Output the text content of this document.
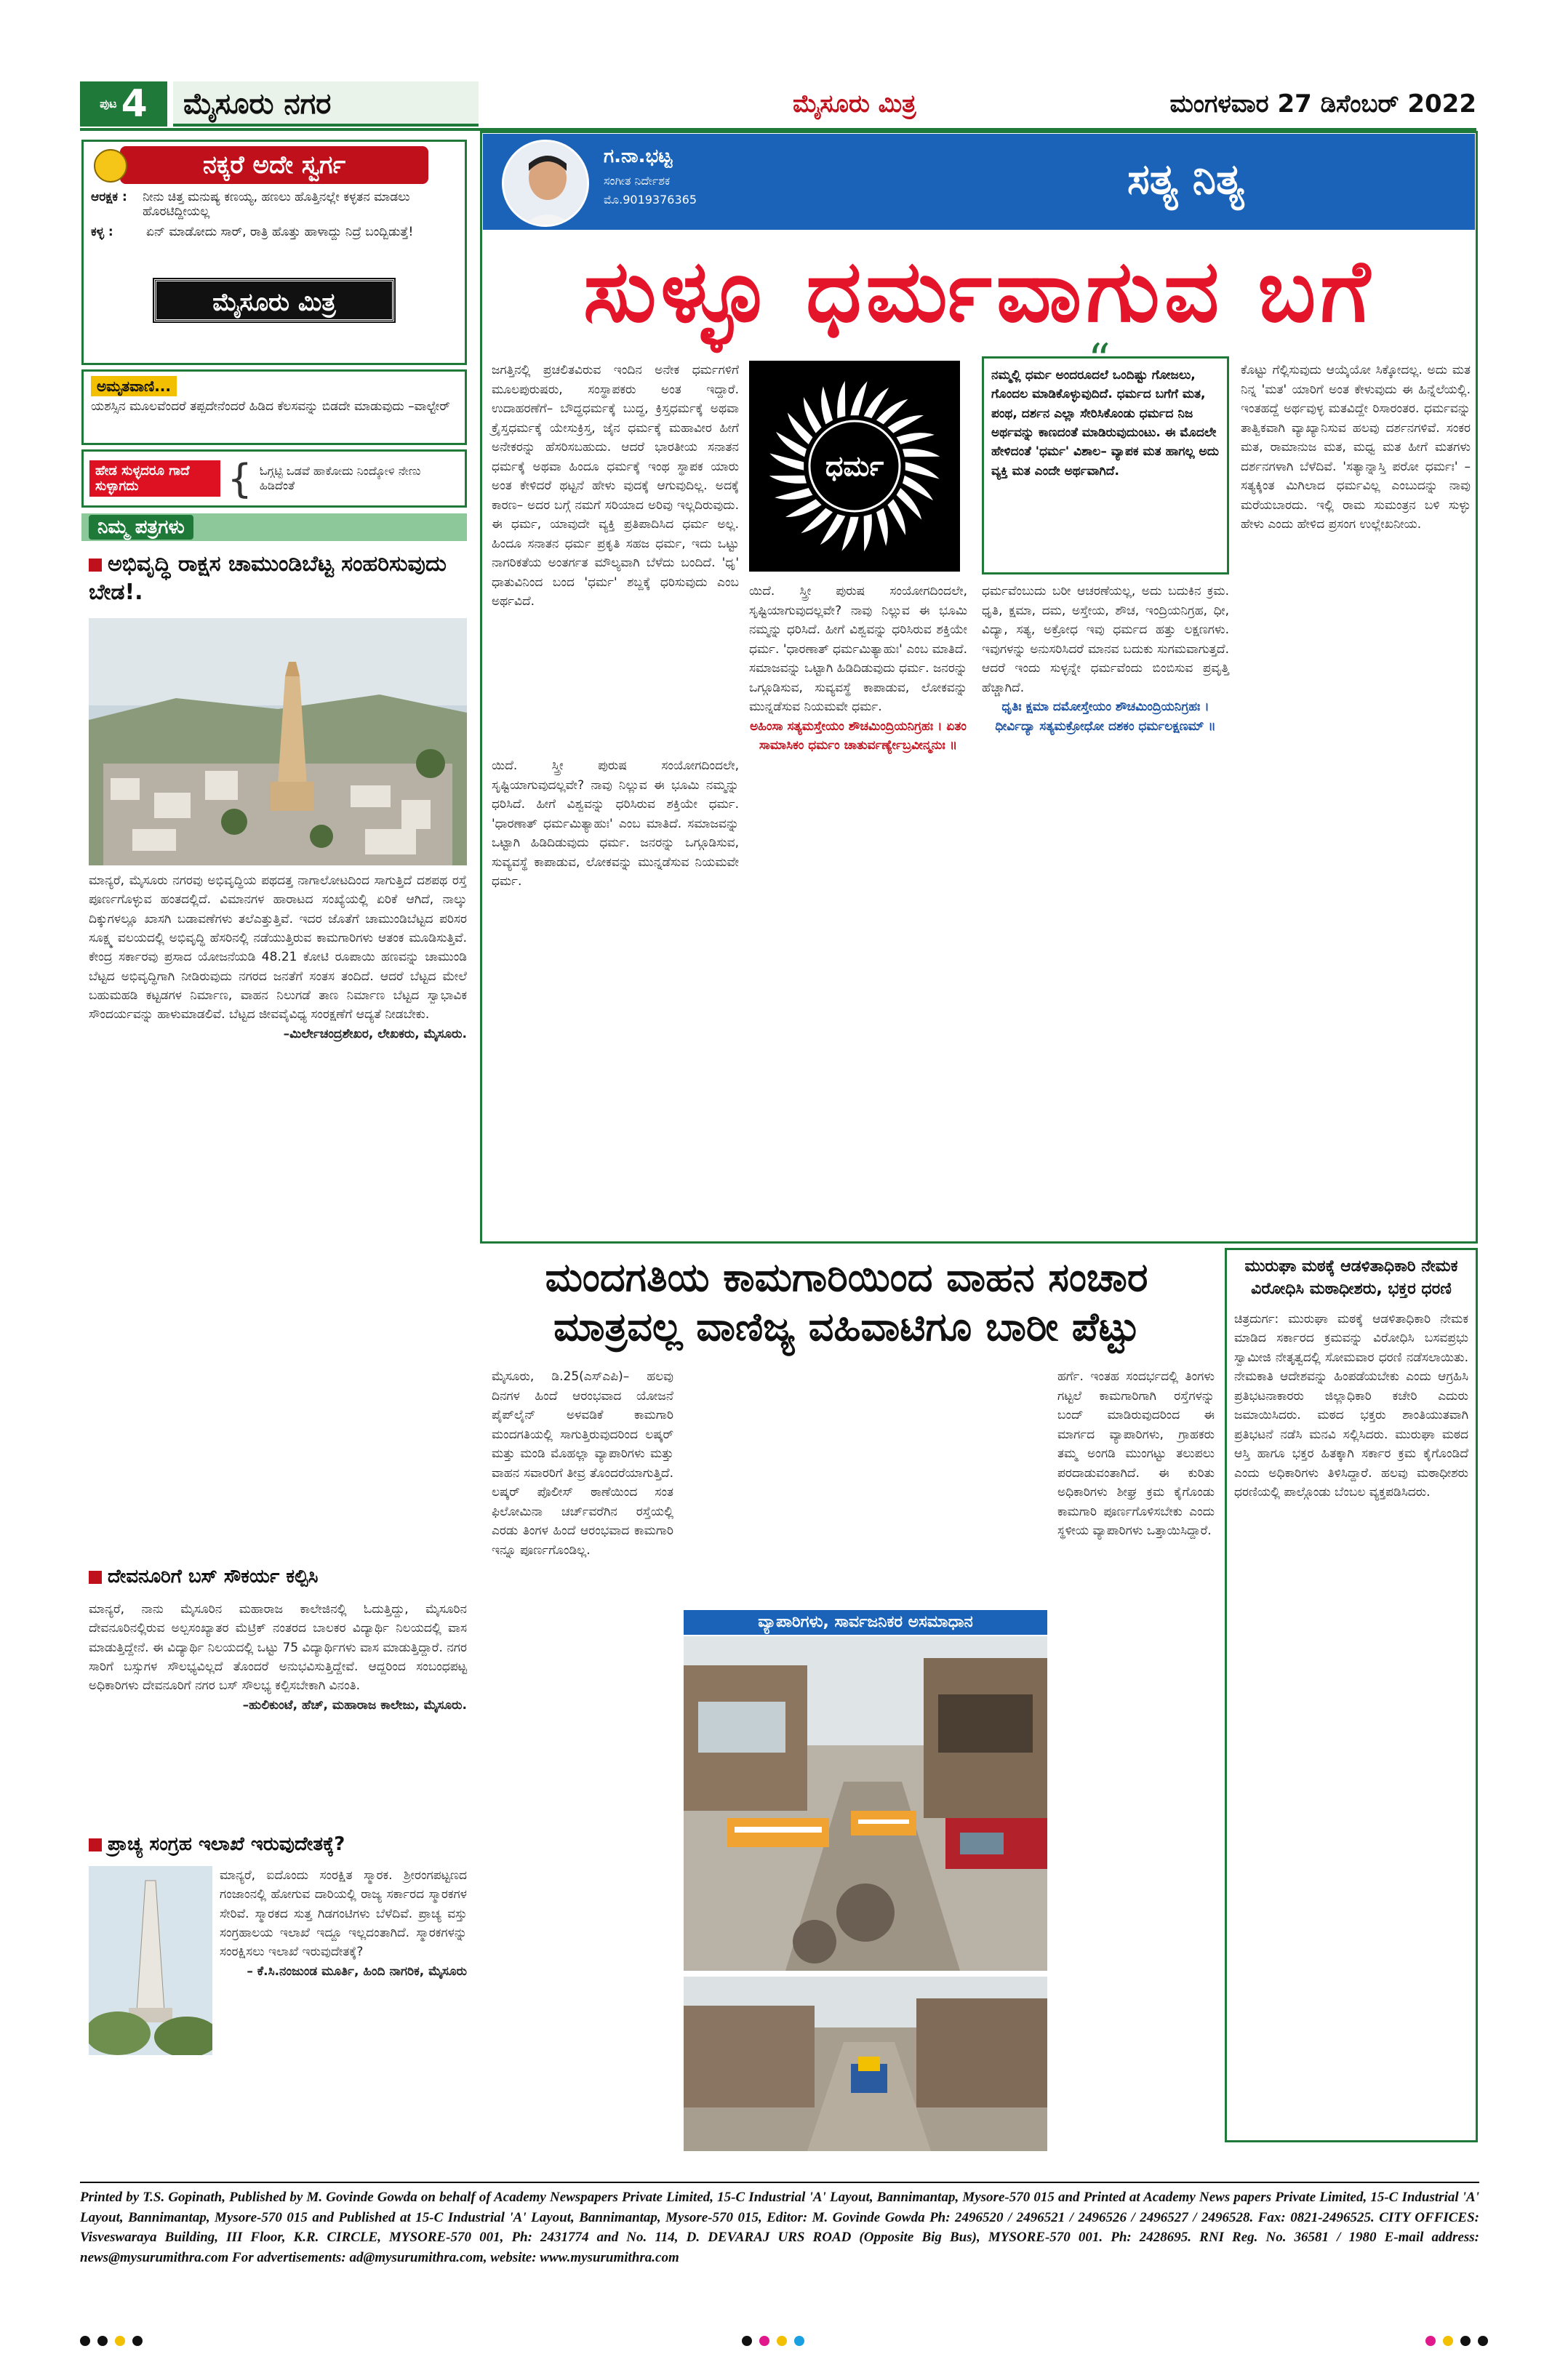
ಪುಟ 4	ಮೈಸೂರು ನಗರ	ಮೈಸೂರು ಮಿತ್ರ	ಮಂಗಳವಾರ 27 ಡಿಸೆಂಬರ್ 2022
ನಕ್ಕರೆ ಅದೇ ಸ್ವರ್ಗ
ಆರಕ್ಷಕ :	ನೀನು ಚಿತ್ತ ಮನುಷ್ಯ ಕಣಯ್ಯ, ಹಣಲು ಹೊತ್ತಿನಲ್ಲೇ ಕಳ್ಳತನ ಮಾಡಲು ಹೊರಟಿದ್ದೀಯಲ್ಲ
ಕಳ್ಳ :	ಏನ್ ಮಾಡೋದು ಸಾರ್, ರಾತ್ರಿ ಹೊತ್ತು ಹಾಳಾದ್ದು ನಿದ್ರೆ ಬಂದ್ಬಿಡುತ್ತೆ!
ಮೈಸೂರು ಮಿತ್ರ
ಅಮೃತವಾಣಿ...
ಯಶಸ್ಸಿನ ಮೂಲವೆಂದರೆ ತಪ್ಪದೇನೆಂದರೆ ಹಿಡಿದ ಕೆಲಸವನ್ನು ಬಿಡದೇ ಮಾಡುವುದು –ವಾಲ್ಟೇರ್
ಹೇಡ ಸುಳ್ಳದರೂ ಗಾದೆ ಸುಳ್ಳಾಗದು	{ ಓಗ್ಗಟ್ಟಿ ಒಡವೆ ಹಾಕೋದು ನಿಂದ್ಕೋಳಿ ನೇಣು ಹಿಡಿದೆಂತೆ
ನಿಮ್ಮ ಪತ್ರಗಳು
ಅಭಿವೃದ್ಧಿ ರಾಕ್ಷಸ ಚಾಮುಂಡಿಬೆಟ್ಟ ಸಂಹರಿಸುವುದು ಬೇಡ!.
ಮಾನ್ಯರೆ, ಮೈಸೂರು ನಗರವು ಅಭಿವೃದ್ಧಿಯ ಪಥದತ್ತ ನಾಗಾಲೋಟದಿಂದ ಸಾಗುತ್ತಿದೆ ದಶಪಥ ರಸ್ತೆ ಪೂರ್ಣಗೊಳ್ಳುವ ಹಂತದಲ್ಲಿದೆ. ವಿಮಾನಗಳ ಹಾರಾಟದ ಸಂಖ್ಯೆಯಲ್ಲಿ ಏರಿಕೆ ಆಗಿದೆ, ನಾಲ್ಕು ದಿಕ್ಕುಗಳಲ್ಲೂ ಖಾಸಗಿ ಬಡಾವಣೆಗಳು ತಲೆಎತ್ತುತ್ತಿವೆ. ಇದರ ಜೊತೆಗೆ ಚಾಮುಂಡಿಬೆಟ್ಟದ ಪರಿಸರ ಸೂಕ್ಷ್ಮ ವಲಯದಲ್ಲಿ ಅಭಿವೃದ್ಧಿ ಹೆಸರಿನಲ್ಲಿ ನಡೆಯುತ್ತಿರುವ ಕಾಮಗಾರಿಗಳು ಆತಂಕ ಮೂಡಿಸುತ್ತಿವೆ. ಕೇಂದ್ರ ಸರ್ಕಾರವು ಪ್ರಸಾದ ಯೋಜನೆಯಡಿ 48.21 ಕೋಟಿ ರೂಪಾಯಿ ಹಣವನ್ನು ಚಾಮುಂಡಿ ಬೆಟ್ಟದ ಅಭಿವೃದ್ಧಿಗಾಗಿ ನೀಡಿರುವುದು ನಗರದ ಜನತೆಗೆ ಸಂತಸ ತಂದಿದೆ. ಆದರೆ ಬೆಟ್ಟದ ಮೇಲೆ ಬಹುಮಹಡಿ ಕಟ್ಟಡಗಳ ನಿರ್ಮಾಣ, ವಾಹನ ನಿಲುಗಡೆ ತಾಣ ನಿರ್ಮಾಣ ಬೆಟ್ಟದ ಸ್ವಾಭಾವಿಕ ಸೌಂದರ್ಯವನ್ನು ಹಾಳುಮಾಡಲಿವೆ. ಬೆಟ್ಟದ ಜೀವವೈವಿಧ್ಯ ಸಂರಕ್ಷಣೆಗೆ ಆದ್ಯತೆ ನೀಡಬೇಕು.
–ಮಿರ್ಲೇಚಂದ್ರಶೇಖರ, ಲೇಖಕರು, ಮೈಸೂರು.
ದೇವನೂರಿಗೆ ಬಸ್ ಸೌಕರ್ಯ ಕಲ್ಪಿಸಿ
ಮಾನ್ಯರೆ, ನಾನು ಮೈಸೂರಿನ ಮಹಾರಾಜ ಕಾಲೇಜಿನಲ್ಲಿ ಓದುತ್ತಿದ್ದು, ಮೈಸೂರಿನ ದೇವನೂರಿನಲ್ಲಿರುವ ಅಲ್ಪಸಂಖ್ಯಾತರ ಮೆಟ್ರಿಕ್ ನಂತರದ ಬಾಲಕರ ವಿದ್ಯಾರ್ಥಿ ನಿಲಯದಲ್ಲಿ ವಾಸ ಮಾಡುತ್ತಿದ್ದೇನೆ. ಈ ವಿದ್ಯಾರ್ಥಿ ನಿಲಯದಲ್ಲಿ ಒಟ್ಟು 75 ವಿದ್ಯಾರ್ಥಿಗಳು ವಾಸ ಮಾಡುತ್ತಿದ್ದಾರೆ. ನಗರ ಸಾರಿಗೆ ಬಸ್ಸುಗಳ ಸೌಲಭ್ಯವಿಲ್ಲದೆ ತೊಂದರೆ ಅನುಭವಿಸುತ್ತಿದ್ದೇವೆ. ಆದ್ದರಿಂದ ಸಂಬಂಧಪಟ್ಟ ಅಧಿಕಾರಿಗಳು ದೇವನೂರಿಗೆ ನಗರ ಬಸ್ ಸೌಲಭ್ಯ ಕಲ್ಪಿಸಬೇಕಾಗಿ ವಿನಂತಿ.
–ಹುಲಿಕುಂಟೆ, ಹೆಚ್, ಮಹಾರಾಜ ಕಾಲೇಜು, ಮೈಸೂರು.
ಪ್ರಾಚ್ಯ ಸಂಗ್ರಹ ಇಲಾಖೆ ಇರುವುದೇತಕ್ಕೆ?
ಮಾನ್ಯರೆ, ಐದೊಂದು ಸಂರಕ್ಷಿತ ಸ್ಮಾರಕ. ಶ್ರೀರಂಗಪಟ್ಟಣದ ಗಂಜಾಂನಲ್ಲಿ ಹೋಗುವ ದಾರಿಯಲ್ಲಿ ರಾಜ್ಯ ಸರ್ಕಾರದ ಸ್ಮಾರಕಗಳ ಸೇರಿವೆ. ಸ್ಮಾರಕದ ಸುತ್ತ ಗಿಡಗಂಟಿಗಳು ಬೆಳೆದಿವೆ. ಪ್ರಾಚ್ಯ ವಸ್ತು ಸಂಗ್ರಹಾಲಯ ಇಲಾಖೆ ಇದ್ದೂ ಇಲ್ಲದಂತಾಗಿದೆ. ಸ್ಮಾರಕಗಳನ್ನು ಸಂರಕ್ಷಿಸಲು ಇಲಾಖೆ ಇರುವುದೇತಕ್ಕೆ?
– ಕೆ.ಸಿ.ನಂಜುಂಡ ಮೂರ್ತಿ, ಹಿಂದಿ ನಾಗರಿಕ, ಮೈಸೂರು
ಗ.ನಾ.ಭಟ್ಟ
ಸಂಗೀತ ನಿರ್ದೇಶಕ
ಮೊ.9019376365	ಸತ್ಯ ನಿತ್ಯ
ಸುಳ್ಳೂ ಧರ್ಮವಾಗುವ ಬಗೆ
ಜಗತ್ತಿನಲ್ಲಿ ಪ್ರಚಲಿತವಿರುವ ಇಂದಿನ ಅನೇಕ ಧರ್ಮಗಳಿಗೆ ಮೂಲಪುರುಷರು, ಸಂಸ್ಥಾಪಕರು ಅಂತ ಇದ್ದಾರೆ. ಉದಾಹರಣೆಗೆ– ಬೌದ್ಧಧರ್ಮಕ್ಕೆ ಬುದ್ಧ, ಕ್ರಿಸ್ತಧರ್ಮಕ್ಕೆ ಅಥವಾ ಕ್ರೈಸ್ತಧರ್ಮಕ್ಕೆ ಯೇಸುಕ್ರಿಸ್ತ, ಜೈನ ಧರ್ಮಕ್ಕೆ ಮಹಾವೀರ ಹೀಗೆ ಅನೇಕರನ್ನು ಹೆಸರಿಸಬಹುದು. ಆದರೆ ಭಾರತೀಯ ಸನಾತನ ಧರ್ಮಕ್ಕೆ ಅಥವಾ ಹಿಂದೂ ಧರ್ಮಕ್ಕೆ ಇಂಥ ಸ್ಥಾಪಕ ಯಾರು ಅಂತ ಕೇಳಿದರೆ ಥಟ್ಟನೆ ಹೇಳು ವುದಕ್ಕೆ ಆಗುವುದಿಲ್ಲ. ಅದಕ್ಕೆ ಕಾರಣ– ಅದರ ಬಗ್ಗೆ ನಮಗೆ ಸರಿಯಾದ ಅರಿವು ಇಲ್ಲದಿರುವುದು. ಈ ಧರ್ಮ, ಯಾವುದೇ ವ್ಯಕ್ತಿ ಪ್ರತಿಪಾದಿಸಿದ ಧರ್ಮ ಅಲ್ಲ. ಹಿಂದೂ ಸನಾತನ ಧರ್ಮ ಪ್ರಕೃತಿ ಸಹಜ ಧರ್ಮ, ಇದು ಒಟ್ಟು ನಾಗರಿಕತೆಯ ಅಂತರ್ಗತ ಮೌಲ್ಯವಾಗಿ ಬೆಳೆದು ಬಂದಿದೆ. 'ಧೃ' ಧಾತುವಿನಿಂದ ಬಂದ 'ಧರ್ಮ' ಶಬ್ದಕ್ಕೆ ಧರಿಸುವುದು ಎಂಬ ಅರ್ಥವಿದೆ.
ಧರ್ಮ
ಯಿದೆ. ಸ್ತ್ರೀ ಪುರುಷ ಸಂಯೋಗದಿಂದಲೇ, ಸೃಷ್ಟಿಯಾಗುವುದಲ್ಲವೇ? ನಾವು ನಿಲ್ಲುವ ಈ ಭೂಮಿ ನಮ್ಮನ್ನು ಧರಿಸಿದೆ. ಹೀಗೆ ವಿಶ್ವವನ್ನು ಧರಿಸಿರುವ ಶಕ್ತಿಯೇ ಧರ್ಮ. 'ಧಾರಣಾತ್ ಧರ್ಮಮಿತ್ಯಾಹುಃ' ಎಂಬ ಮಾತಿದೆ. ಸಮಾಜವನ್ನು ಒಟ್ಟಾಗಿ ಹಿಡಿದಿಡುವುದು ಧರ್ಮ. ಜನರನ್ನು ಒಗ್ಗೂಡಿಸುವ, ಸುವ್ಯವಸ್ಥೆ ಕಾಪಾಡುವ, ಲೋಕವನ್ನು ಮುನ್ನಡೆಸುವ ನಿಯಮವೇ ಧರ್ಮ.
ಯಿದೆ. ಸ್ತ್ರೀ ಪುರುಷ ಸಂಯೋಗದಿಂದಲೇ, ಸೃಷ್ಟಿಯಾಗುವುದಲ್ಲವೇ? ನಾವು ನಿಲ್ಲುವ ಈ ಭೂಮಿ ನಮ್ಮನ್ನು ಧರಿಸಿದೆ. ಹೀಗೆ ವಿಶ್ವವನ್ನು ಧರಿಸಿರುವ ಶಕ್ತಿಯೇ ಧರ್ಮ. 'ಧಾರಣಾತ್ ಧರ್ಮಮಿತ್ಯಾಹುಃ' ಎಂಬ ಮಾತಿದೆ. ಸಮಾಜವನ್ನು ಒಟ್ಟಾಗಿ ಹಿಡಿದಿಡುವುದು ಧರ್ಮ. ಜನರನ್ನು ಒಗ್ಗೂಡಿಸುವ, ಸುವ್ಯವಸ್ಥೆ ಕಾಪಾಡುವ, ಲೋಕವನ್ನು ಮುನ್ನಡೆಸುವ ನಿಯಮವೇ ಧರ್ಮ.
ಅಹಿಂಸಾ ಸತ್ಯಮಸ್ತೇಯಂ ಶೌಚಮಿಂದ್ರಿಯನಿಗ್ರಹಃ । ಏತಂ ಸಾಮಾಸಿಕಂ ಧರ್ಮಂ ಚಾತುರ್ವರ್ಣ್ಯೇಬ್ರವೀನ್ಮನುಃ ॥
“
ನಮ್ಮಲ್ಲಿ ಧರ್ಮ ಅಂದರೂದಲೆ ಒಂದಿಷ್ಟು ಗೋಜಲು, ಗೊಂದಲ ಮಾಡಿಕೊಳ್ಳುವುದಿದೆ. ಧರ್ಮದ ಬಗೆಗೆ ಮತ, ಪಂಥ, ದರ್ಶನ ಎಲ್ಲಾ ಸೇರಿಸಿಕೊಂಡು ಧರ್ಮದ ನಿಜ ಅರ್ಥವನ್ನು ಕಾಣದಂತೆ ಮಾಡಿರುವುದುಂಟು. ಈ ಮೊದಲೇ ಹೇಳಿದಂತೆ 'ಧರ್ಮ' ವಿಶಾಲ– ವ್ಯಾಪಕ ಮತ ಹಾಗಲ್ಲ ಅದು ವ್ಯಕ್ತಿ ಮತ ಎಂದೇ ಅರ್ಥವಾಗಿದೆ.
ಧರ್ಮವೆಂಬುದು ಬರೀ ಆಚರಣೆಯಲ್ಲ, ಅದು ಬದುಕಿನ ಕ್ರಮ. ಧೃತಿ, ಕ್ಷಮಾ, ದಮ, ಅಸ್ತೇಯ, ಶೌಚ, ಇಂದ್ರಿಯನಿಗ್ರಹ, ಧೀ, ವಿದ್ಯಾ, ಸತ್ಯ, ಅಕ್ರೋಧ ಇವು ಧರ್ಮದ ಹತ್ತು ಲಕ್ಷಣಗಳು. ಇವುಗಳನ್ನು ಅನುಸರಿಸಿದರೆ ಮಾನವ ಬದುಕು ಸುಗಮವಾಗುತ್ತದೆ. ಆದರೆ ಇಂದು ಸುಳ್ಳನ್ನೇ ಧರ್ಮವೆಂದು ಬಿಂಬಿಸುವ ಪ್ರವೃತ್ತಿ ಹೆಚ್ಚಾಗಿದೆ.
ಧೃತಿಃ ಕ್ಷಮಾ ದಮೋಸ್ತೇಯಂ ಶೌಚಮಿಂದ್ರಿಯನಿಗ್ರಹಃ । ಧೀರ್ವಿದ್ಯಾ ಸತ್ಯಮಕ್ರೋಧೋ ದಶಕಂ ಧರ್ಮಲಕ್ಷಣಮ್ ॥
ಕೊಟ್ಟು ಗೆಲ್ಲಿಸುವುದು ಆಯ್ಕೆಯೋ ಸಿಕ್ಕೋದಲ್ಲ. ಅದು ಮತ ನಿನ್ನ 'ಮತ' ಯಾರಿಗೆ ಅಂತ ಕೇಳುವುದು ಈ ಹಿನ್ನೆಲೆಯಲ್ಲಿ. ಇಂತಹದ್ದೆ ಅರ್ಥವುಳ್ಳ ಮತವಿದ್ದೇ ರಿಸಾರಂತರ. ಧರ್ಮವನ್ನು ತಾತ್ವಿಕವಾಗಿ ವ್ಯಾಖ್ಯಾನಿಸುವ ಹಲವು ದರ್ಶನಗಳಿವೆ. ಸಂಕರ ಮತ, ರಾಮಾನುಜ ಮತ, ಮಧ್ವ ಮತ ಹೀಗೆ ಮತಗಳು ದರ್ಶನಗಳಾಗಿ ಬೆಳೆದಿವೆ. 'ಸತ್ಯಾನ್ನಾಸ್ತಿ ಪರೋ ಧರ್ಮಃ' – ಸತ್ಯಕ್ಕಿಂತ ಮಿಗಿಲಾದ ಧರ್ಮವಿಲ್ಲ ಎಂಬುದನ್ನು ನಾವು ಮರೆಯಬಾರದು. ಇಲ್ಲಿ ರಾಮ ಸುಮಂತ್ರನ ಬಳಿ ಸುಳ್ಳು ಹೇಳು ಎಂದು ಹೇಳಿದ ಪ್ರಸಂಗ ಉಲ್ಲೇಖನೀಯ.
ಮಂದಗತಿಯ ಕಾಮಗಾರಿಯಿಂದ ವಾಹನ ಸಂಚಾರ
ಮಾತ್ರವಲ್ಲ ವಾಣಿಜ್ಯ ವಹಿವಾಟಿಗೂ ಬಾರೀ ಪೆಟ್ಟು
ಮೈಸೂರು, ಡಿ.25(ಎಸ್‌ಎಪಿ)– ಹಲವು ದಿನಗಳ ಹಿಂದೆ ಆರಂಭವಾದ ಯೋಜನೆ ಪೈಪ್‌ಲೈನ್ ಅಳವಡಿಕೆ ಕಾಮಗಾರಿ ಮಂದಗತಿಯಲ್ಲಿ ಸಾಗುತ್ತಿರುವುದರಿಂದ ಲಷ್ಕರ್ ಮತ್ತು ಮಂಡಿ ಮೊಹಲ್ಲಾ ವ್ಯಾಪಾರಿಗಳು ಮತ್ತು ವಾಹನ ಸವಾರರಿಗೆ ತೀವ್ರ ತೊಂದರೆಯಾಗುತ್ತಿದೆ. ಲಷ್ಕರ್ ಪೊಲೀಸ್ ಠಾಣೆಯಿಂದ ಸಂತ ಫಿಲೋಮಿನಾ ಚರ್ಚ್‌ವರೆಗಿನ ರಸ್ತೆಯಲ್ಲಿ ಎರಡು ತಿಂಗಳ ಹಿಂದೆ ಆರಂಭವಾದ ಕಾಮಗಾರಿ ಇನ್ನೂ ಪೂರ್ಣಗೊಂಡಿಲ್ಲ.
ವ್ಯಾಪಾರಿಗಳು, ಸಾರ್ವಜನಿಕರ ಅಸಮಾಧಾನ
ಹರ್ಗೆ. ಇಂತಹ ಸಂದರ್ಭದಲ್ಲಿ ತಿಂಗಳು ಗಟ್ಟಲೆ ಕಾಮಗಾರಿಗಾಗಿ ರಸ್ತೆಗಳನ್ನು ಬಂದ್ ಮಾಡಿರುವುದರಿಂದ ಈ ಮಾರ್ಗದ ವ್ಯಾಪಾರಿಗಳು, ಗ್ರಾಹಕರು ತಮ್ಮ ಅಂಗಡಿ ಮುಂಗಟ್ಟು ತಲುಪಲು ಪರದಾಡುವಂತಾಗಿದೆ. ಈ ಕುರಿತು ಅಧಿಕಾರಿಗಳು ಶೀಘ್ರ ಕ್ರಮ ಕೈಗೊಂಡು ಕಾಮಗಾರಿ ಪೂರ್ಣಗೊಳಿಸಬೇಕು ಎಂದು ಸ್ಥಳೀಯ ವ್ಯಾಪಾರಿಗಳು ಒತ್ತಾಯಿಸಿದ್ದಾರೆ.
ಮುರುಘಾ ಮಠಕ್ಕೆ ಆಡಳಿತಾಧಿಕಾರಿ ನೇಮಕ ವಿರೋಧಿಸಿ ಮಠಾಧೀಶರು, ಭಕ್ತರ ಧರಣಿ
ಚಿತ್ರದುರ್ಗ: ಮುರುಘಾ ಮಠಕ್ಕೆ ಆಡಳಿತಾಧಿಕಾರಿ ನೇಮಕ ಮಾಡಿದ ಸರ್ಕಾರದ ಕ್ರಮವನ್ನು ವಿರೋಧಿಸಿ ಬಸವಪ್ರಭು ಸ್ವಾಮೀಜಿ ನೇತೃತ್ವದಲ್ಲಿ ಸೋಮವಾರ ಧರಣಿ ನಡೆಸಲಾಯಿತು. ನೇಮಕಾತಿ ಆದೇಶವನ್ನು ಹಿಂಪಡೆಯಬೇಕು ಎಂದು ಆಗ್ರಹಿಸಿ ಪ್ರತಿಭಟನಾಕಾರರು ಜಿಲ್ಲಾಧಿಕಾರಿ ಕಚೇರಿ ಎದುರು ಜಮಾಯಿಸಿದರು. ಮಠದ ಭಕ್ತರು ಶಾಂತಿಯುತವಾಗಿ ಪ್ರತಿಭಟನೆ ನಡೆಸಿ ಮನವಿ ಸಲ್ಲಿಸಿದರು. ಮುರುಘಾ ಮಠದ ಆಸ್ತಿ ಹಾಗೂ ಭಕ್ತರ ಹಿತಕ್ಕಾಗಿ ಸರ್ಕಾರ ಕ್ರಮ ಕೈಗೊಂಡಿದೆ ಎಂದು ಅಧಿಕಾರಿಗಳು ತಿಳಿಸಿದ್ದಾರೆ. ಹಲವು ಮಠಾಧೀಶರು ಧರಣಿಯಲ್ಲಿ ಪಾಲ್ಗೊಂಡು ಬೆಂಬಲ ವ್ಯಕ್ತಪಡಿಸಿದರು.
Printed by T.S. Gopinath, Published by M. Govinde Gowda on behalf of Academy Newspapers Private Limited, 15-C Industrial 'A' Layout, Bannimantap, Mysore-570 015 and Printed at Academy News papers Private Limited, 15-C Industrial 'A' Layout, Bannimantap, Mysore-570 015 and Published at 15-C Industrial 'A' Layout, Bannimantap, Mysore-570 015, Editor: M. Govinde Gowda Ph: 2496520 / 2496521 / 2496526 / 2496527 / 2496528. Fax: 0821-2496525. CITY OFFICES: Visveswaraya Building, III Floor, K.R. CIRCLE, MYSORE-570 001, Ph: 2431774 and No. 114, D. DEVARAJ URS ROAD (Opposite Big Bus), MYSORE-570 001. Ph: 2428695. RNI Reg. No. 36581 / 1980 E-mail address: news@mysurumithra.com For advertisements: ad@mysurumithra.com, website: www.mysurumithra.com
